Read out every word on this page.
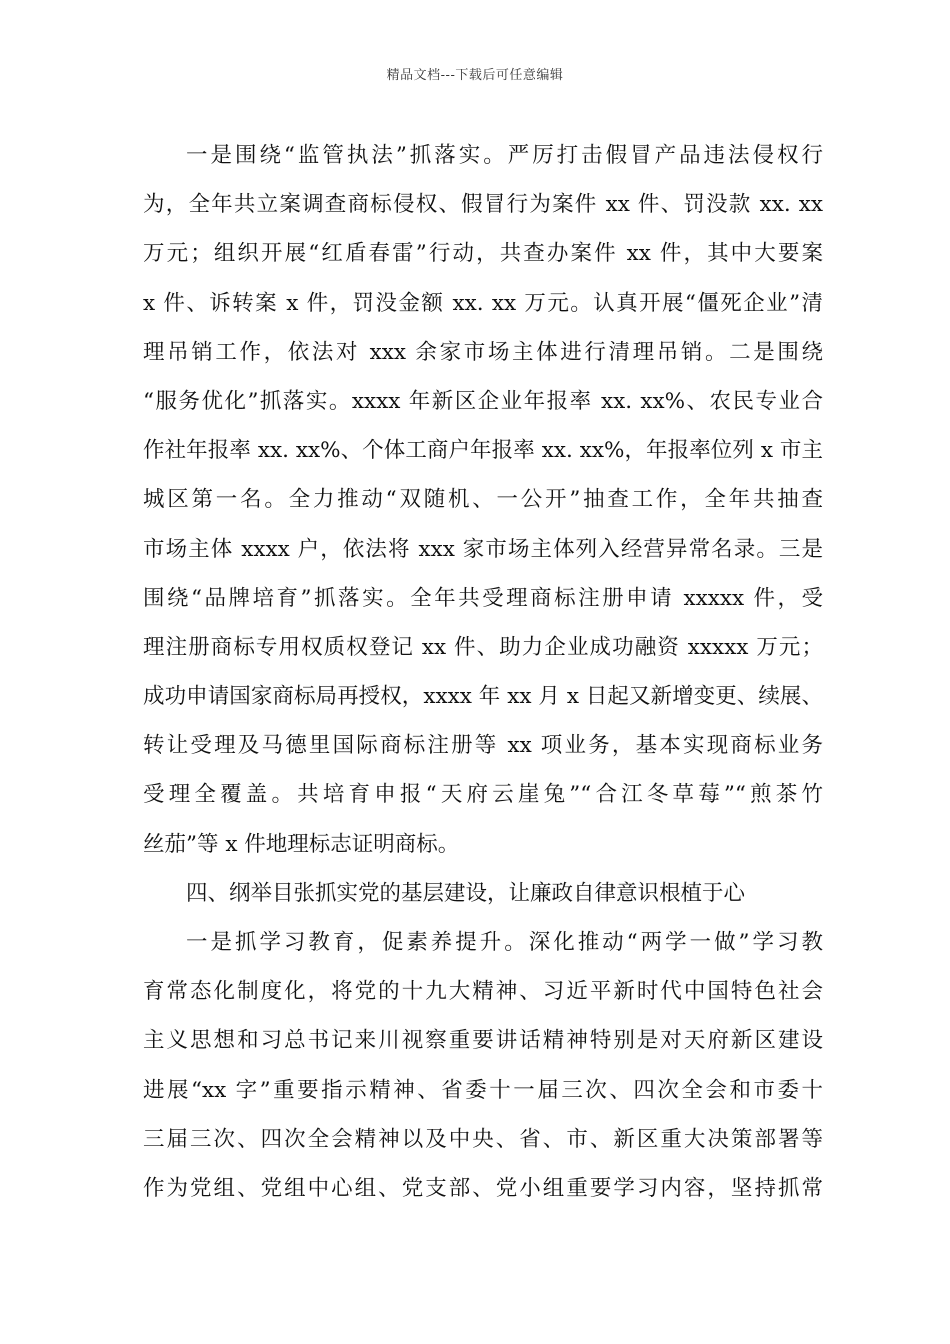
精品文档---下载后可任意编辑
一是围绕“监管执法”抓落实。严厉打击假冒产品违法侵权行
为，全年共立案调查商标侵权、假冒行为案件 xx 件、罚没款 xx. xx
万元；组织开展“红盾春雷”行动，共查办案件 xx 件，其中大要案
x 件、诉转案 x 件，罚没金额 xx. xx 万元。认真开展“僵死企业”清
理吊销工作，依法对 xxx 余家市场主体进行清理吊销。二是围绕
“服务优化”抓落实。xxxx 年新区企业年报率 xx. xx%、农民专业合
作社年报率 xx. xx%、个体工商户年报率 xx. xx%，年报率位列 x 市主
城区第一名。全力推动“双随机、一公开”抽查工作，全年共抽查
市场主体 xxxx 户，依法将 xxx 家市场主体列入经营异常名录。三是
围绕“品牌培育”抓落实。全年共受理商标注册申请 xxxxx 件，受
理注册商标专用权质权登记 xx 件、助力企业成功融资 xxxxx 万元；
成功申请国家商标局再授权，xxxx 年 xx 月 x 日起又新增变更、续展、
转让受理及马德里国际商标注册等 xx 项业务，基本实现商标业务
受理全覆盖。共培育申报“天府云崖兔”“合江冬草莓”“煎茶竹
丝茄”等 x 件地理标志证明商标。
四、纲举目张抓实党的基层建设，让廉政自律意识根植于心
一是抓学习教育，促素养提升。深化推动“两学一做”学习教
育常态化制度化，将党的十九大精神、习近平新时代中国特色社会
主义思想和习总书记来川视察重要讲话精神特别是对天府新区建设
进展“xx 字”重要指示精神、省委十一届三次、四次全会和市委十
三届三次、四次全会精神以及中央、省、市、新区重大决策部署等
作为党组、党组中心组、党支部、党小组重要学习内容，坚持抓常
